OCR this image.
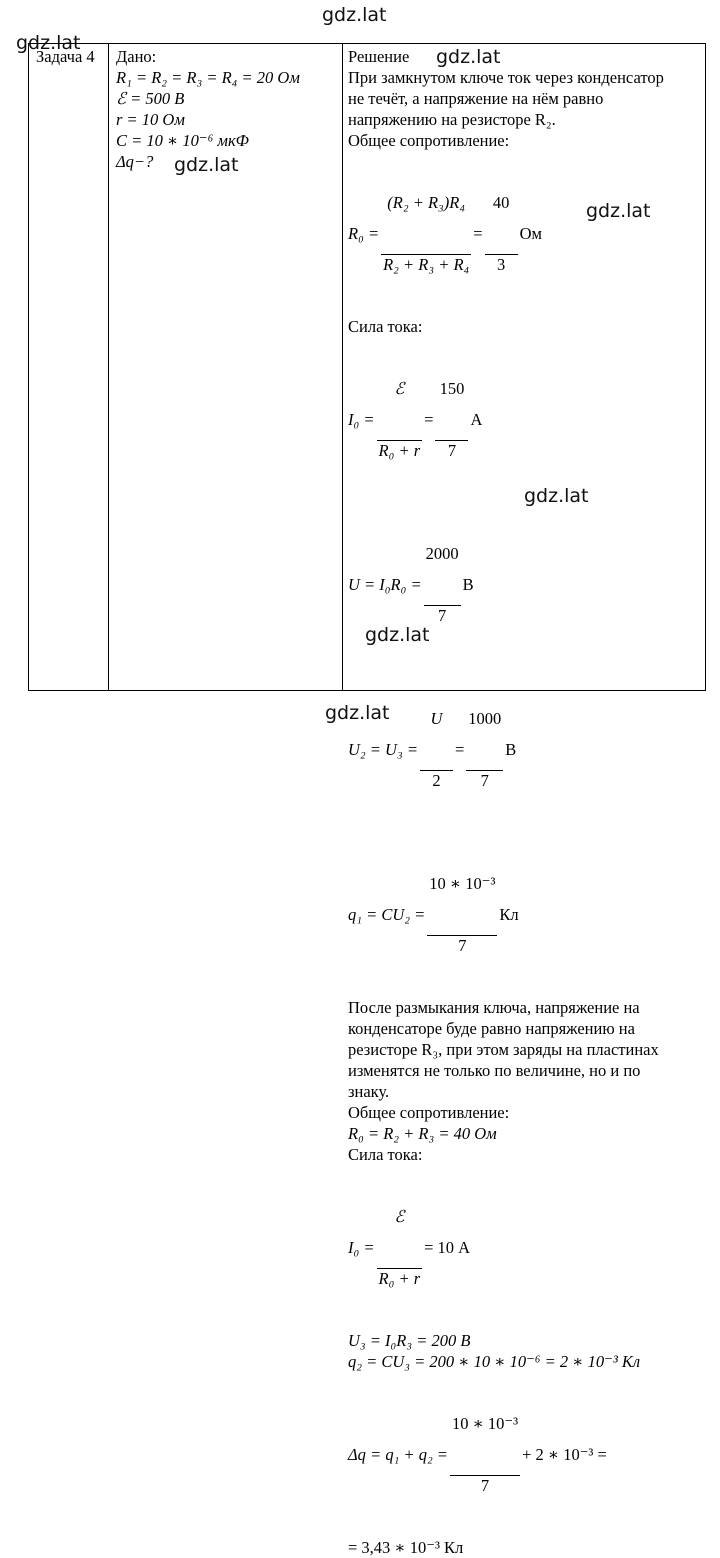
gdz.lat
gdz.lat
gdz.lat
gdz.lat
gdz.lat
gdz.lat
gdz.lat
Задача 4	Дано:
R₁ = R₂ = R₃ = R₄ = 20 Ом
ℰ = 500 В
r = 10 Ом
C = 10 ∗ 10⁻⁶ мкФ
Δq−?
Решение
При замкнутом ключе ток через конденсатор
не течёт, а напряжение на нём равно
напряжению на резисторе R₂.
Общее сопротивление:
R₀ =

$\frac{\text{(R₂ + R₃)R₄}}{\text{R₂ + R₃ + R₄}}$

=

$\frac{40}{3}$

Ом
Сила тока:
I₀ =

$\frac{\text{ℰ}}{\text{R₀ + r}}$

=

$\frac{150}{7}$

А
U = I₀R₀ =

$\frac{2000}{7}$

В
U₂ = U₃ =

$\frac{U}{2}$

=

$\frac{1000}{7}$

В
q₁ = CU₂ =

$\frac{\text{10 ∗ 10⁻³}}{7}$

Кл
После размыкания ключа, напряжение на
конденсаторе буде равно напряжению на
резисторе R₃, при этом заряды на пластинах
изменятся не только по величине, но и по
знаку.
Общее сопротивление:
R₀ = R₂ + R₃ = 40 Ом
Сила тока:
I₀ =

$\frac{\text{ℰ}}{\text{R₀ + r}}$

= 10 А
U₃ = I₀R₃ = 200 В
q₂ = CU₃ = 200 ∗ 10 ∗ 10⁻⁶ = 2 ∗ 10⁻³ Кл
Δq = q₁ + q₂ =

$\frac{\text{10 ∗ 10⁻³}}{7}$

+ 2 ∗ 10⁻³ =
= 3,43 ∗ 10⁻³ Кл
gdz.lat
